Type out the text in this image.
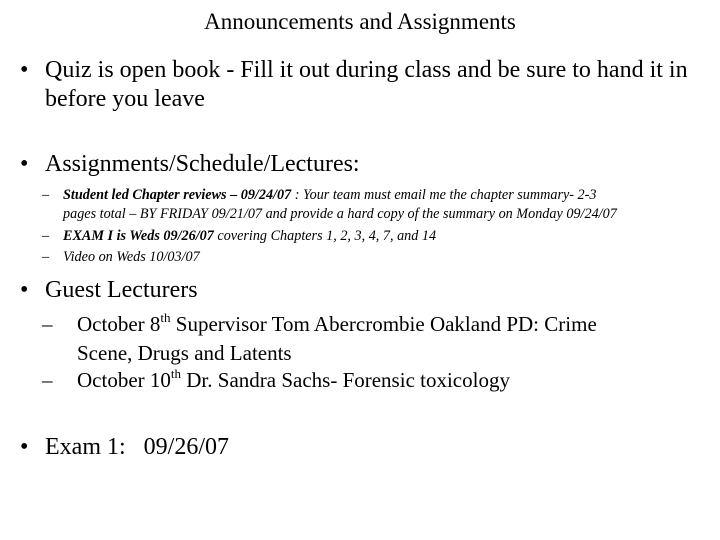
Announcements and Assignments
• Quiz is open book - Fill it out during class and be sure to hand it in before you leave
• Assignments/Schedule/Lectures:
– Student led Chapter reviews – 09/24/07 : Your team must email me the chapter summary- 2-3
pages total – BY FRIDAY 09/21/07 and provide a hard copy of the summary on Monday 09/24/07
– EXAM I is Weds 09/26/07 covering Chapters 1, 2, 3, 4, 7, and 14
– Video on Weds 10/03/07
• Guest Lecturers
– October 8th Supervisor Tom Abercrombie Oakland PD: Crime
Scene, Drugs and Latents
– October 10th Dr. Sandra Sachs- Forensic toxicology
• Exam 1:   09/26/07
